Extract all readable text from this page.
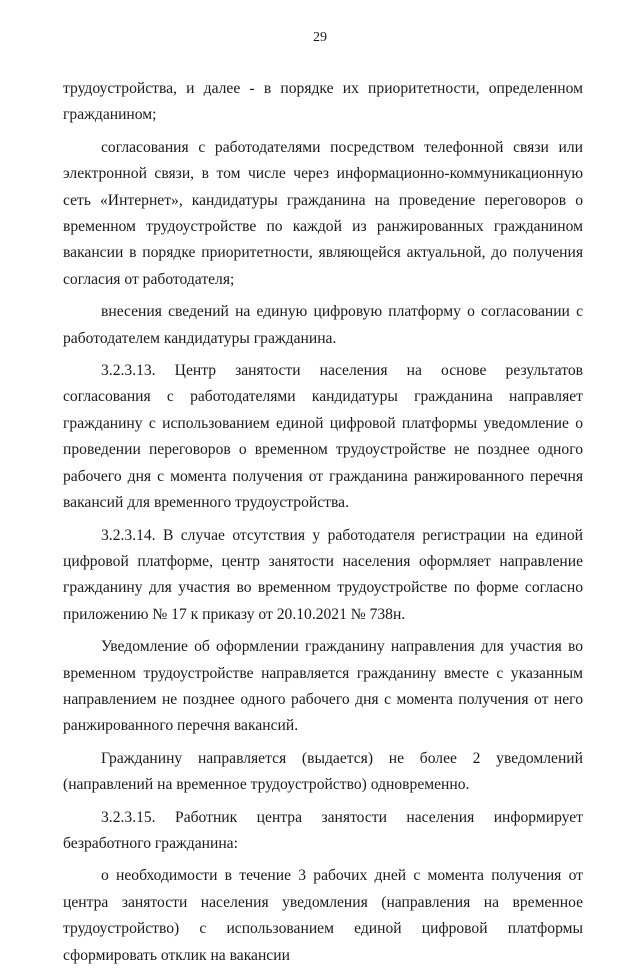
29

трудоустройства, и далее - в порядке их приоритетности, определенном гражданином;

согласования с работодателями посредством телефонной связи или электронной связи, в том числе через информационно-коммуникационную сеть «Интернет», кандидатуры гражданина на проведение переговоров о временном трудоустройстве по каждой из ранжированных гражданином вакансии в порядке приоритетности, являющейся актуальной, до получения согласия от работодателя;

внесения сведений на единую цифровую платформу о согласовании с работодателем кандидатуры гражданина.

3.2.3.13. Центр занятости населения на основе результатов согласования с работодателями кандидатуры гражданина направляет гражданину с использованием единой цифровой платформы уведомление о проведении переговоров о временном трудоустройстве не позднее одного рабочего дня с момента получения от гражданина ранжированного перечня вакансий для временного трудоустройства.

3.2.3.14. В случае отсутствия у работодателя регистрации на единой цифровой платформе, центр занятости населения оформляет направление гражданину для участия во временном трудоустройстве по форме согласно приложению № 17 к приказу от 20.10.2021 № 738н.

Уведомление об оформлении гражданину направления для участия во временном трудоустройстве направляется гражданину вместе с указанным направлением не позднее одного рабочего дня с момента получения от него ранжированного перечня вакансий.

Гражданину направляется (выдается) не более 2 уведомлений (направлений на временное трудоустройство) одновременно.

3.2.3.15. Работник центра занятости населения информирует безработного гражданина:

о необходимости в течение 3 рабочих дней с момента получения от центра занятости населения уведомления (направления на временное трудоустройство) с использованием единой цифровой платформы сформировать отклик на вакансии
